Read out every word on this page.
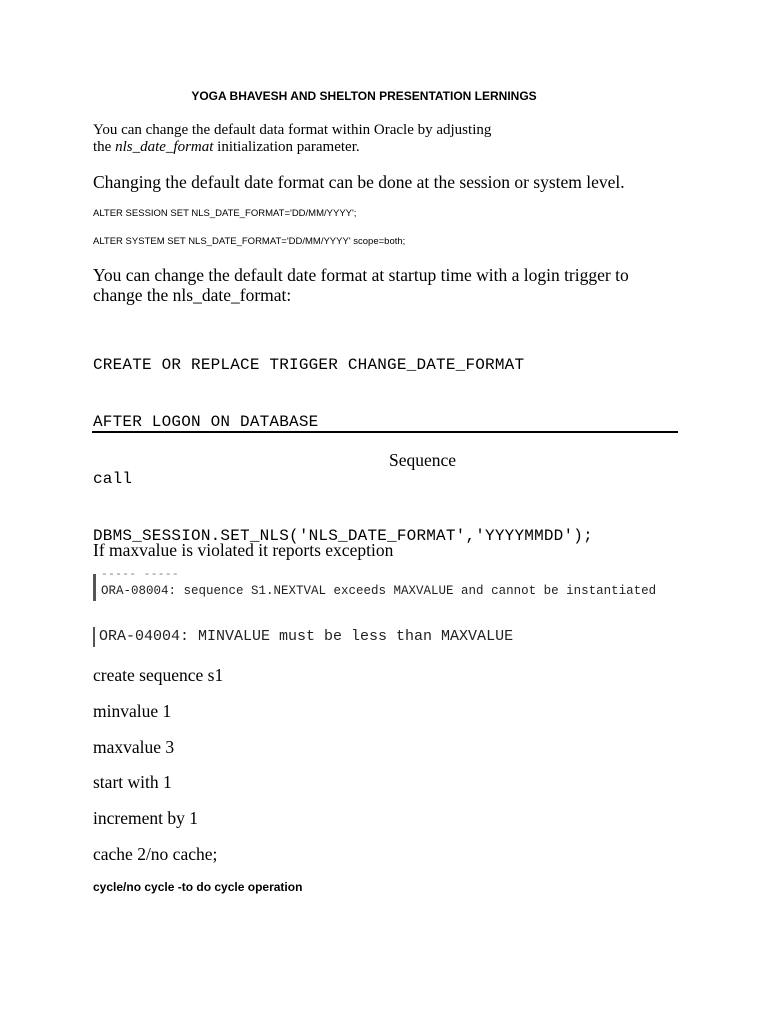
YOGA BHAVESH AND SHELTON PRESENTATION LERNINGS
You can change the default data format within Oracle by adjusting
the nls_date_format initialization parameter.
Changing the default date format can be done at the session or system level.
ALTER SESSION SET NLS_DATE_FORMAT='DD/MM/YYYY';
ALTER SYSTEM SET NLS_DATE_FORMAT='DD/MM/YYYY' scope=both;
You can change the default date format at startup time with a login trigger to
change the nls_date_format:

CREATE OR REPLACE TRIGGER CHANGE_DATE_FORMAT

AFTER LOGON ON DATABASE

call

DBMS_SESSION.SET_NLS('NLS_DATE_FORMAT','YYYYMMDD');

Sequence
If maxvalue is violated it reports exception
----- -----
ORA-08004: sequence S1.NEXTVAL exceeds MAXVALUE and cannot be instantiated
ORA-04004: MINVALUE must be less than MAXVALUE
create sequence s1
minvalue 1
maxvalue 3
start with 1
increment by 1
cache 2/no cache;
cycle/no cycle -to do cycle operation
